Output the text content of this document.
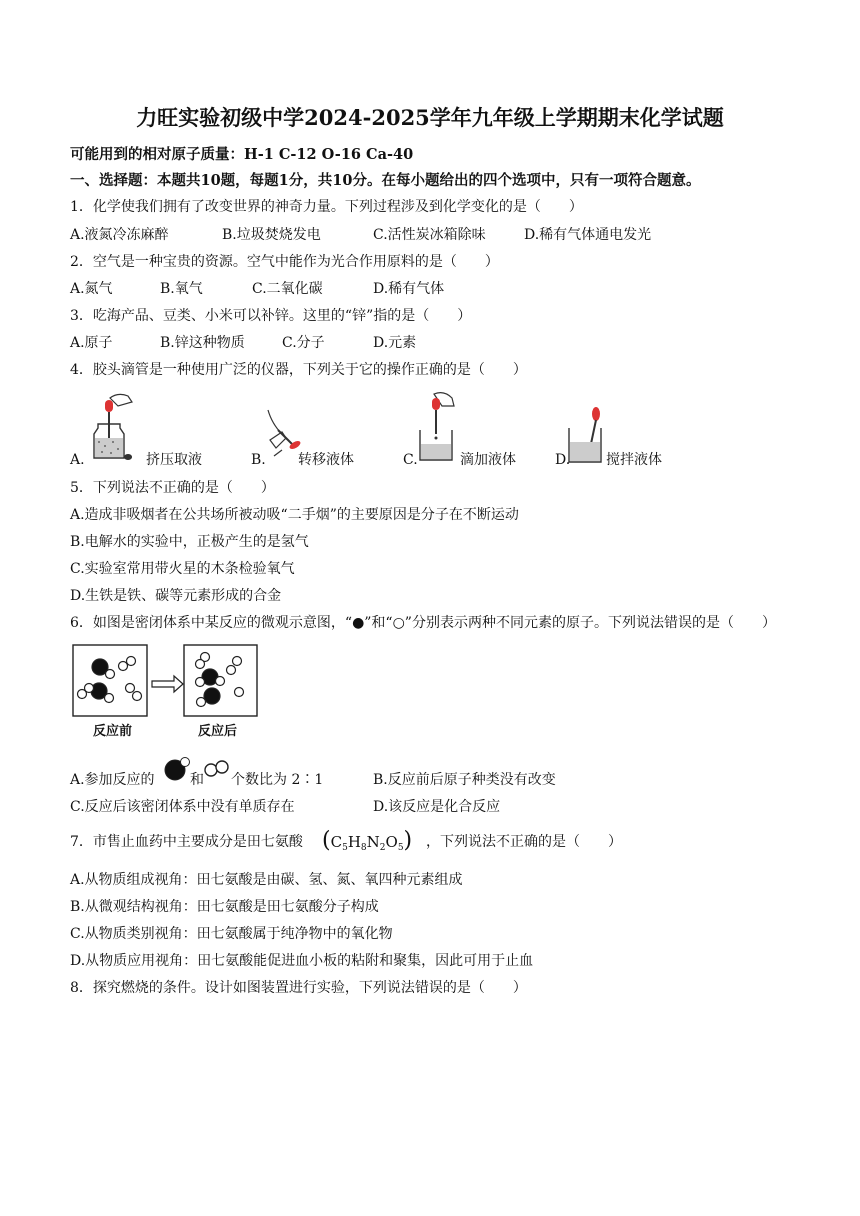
力旺实验初级中学2024-2025学年九年级上学期期末化学试题
可能用到的相对原子质量：H-1 C-12 O-16 Ca-40
一、选择题：本题共10题，每题1分，共10分。在每小题给出的四个选项中，只有一项符合题意。
1．化学使我们拥有了改变世界的神奇力量。下列过程涉及到化学变化的是（　　）
A.液氮冷冻麻醉	B.垃圾焚烧发电	C.活性炭冰箱除味	D.稀有气体通电发光
2．空气是一种宝贵的资源。空气中能作为光合作用原料的是（　　）
A.氮气	B.氧气	C.二氧化碳	D.稀有气体
3．吃海产品、豆类、小米可以补锌。这里的“锌”指的是（　　）
A.原子	B.锌这种物质	C.分子	D.元素
4．胶头滴管是一种使用广泛的仪器，下列关于它的操作正确的是（　　）
A.	挤压取液	B. 转移液体	C.	滴加液体	D.	搅拌液体
5．下列说法不正确的是（　　）
A.造成非吸烟者在公共场所被动吸“二手烟”的主要原因是分子在不断运动
B.电解水的实验中，正极产生的是氢气
C.实验室常用带火星的木条检验氧气
D.生铁是铁、碳等元素形成的合金
6．如图是密闭体系中某反应的微观示意图，“●”和“○”分别表示两种不同元素的原子。下列说法错误的是（　　）
反应前	反应后
A.参加反应的	和 个数比为 2∶1	B.反应前后原子种类没有改变
C.反应后该密闭体系中没有单质存在	D.该反应是化合反应
7．市售止血药中主要成分是田七氨酸 $(C_5H_8N_2O_5)$ ，下列说法不正确的是（　　）
A.从物质组成视角：田七氨酸是由碳、氢、氮、氧四种元素组成
B.从微观结构视角：田七氨酸是田七氨酸分子构成
C.从物质类别视角：田七氨酸属于纯净物中的氧化物
D.从物质应用视角：田七氨酸能促进血小板的粘附和聚集，因此可用于止血
8．探究燃烧的条件。设计如图装置进行实验，下列说法错误的是（　　）
